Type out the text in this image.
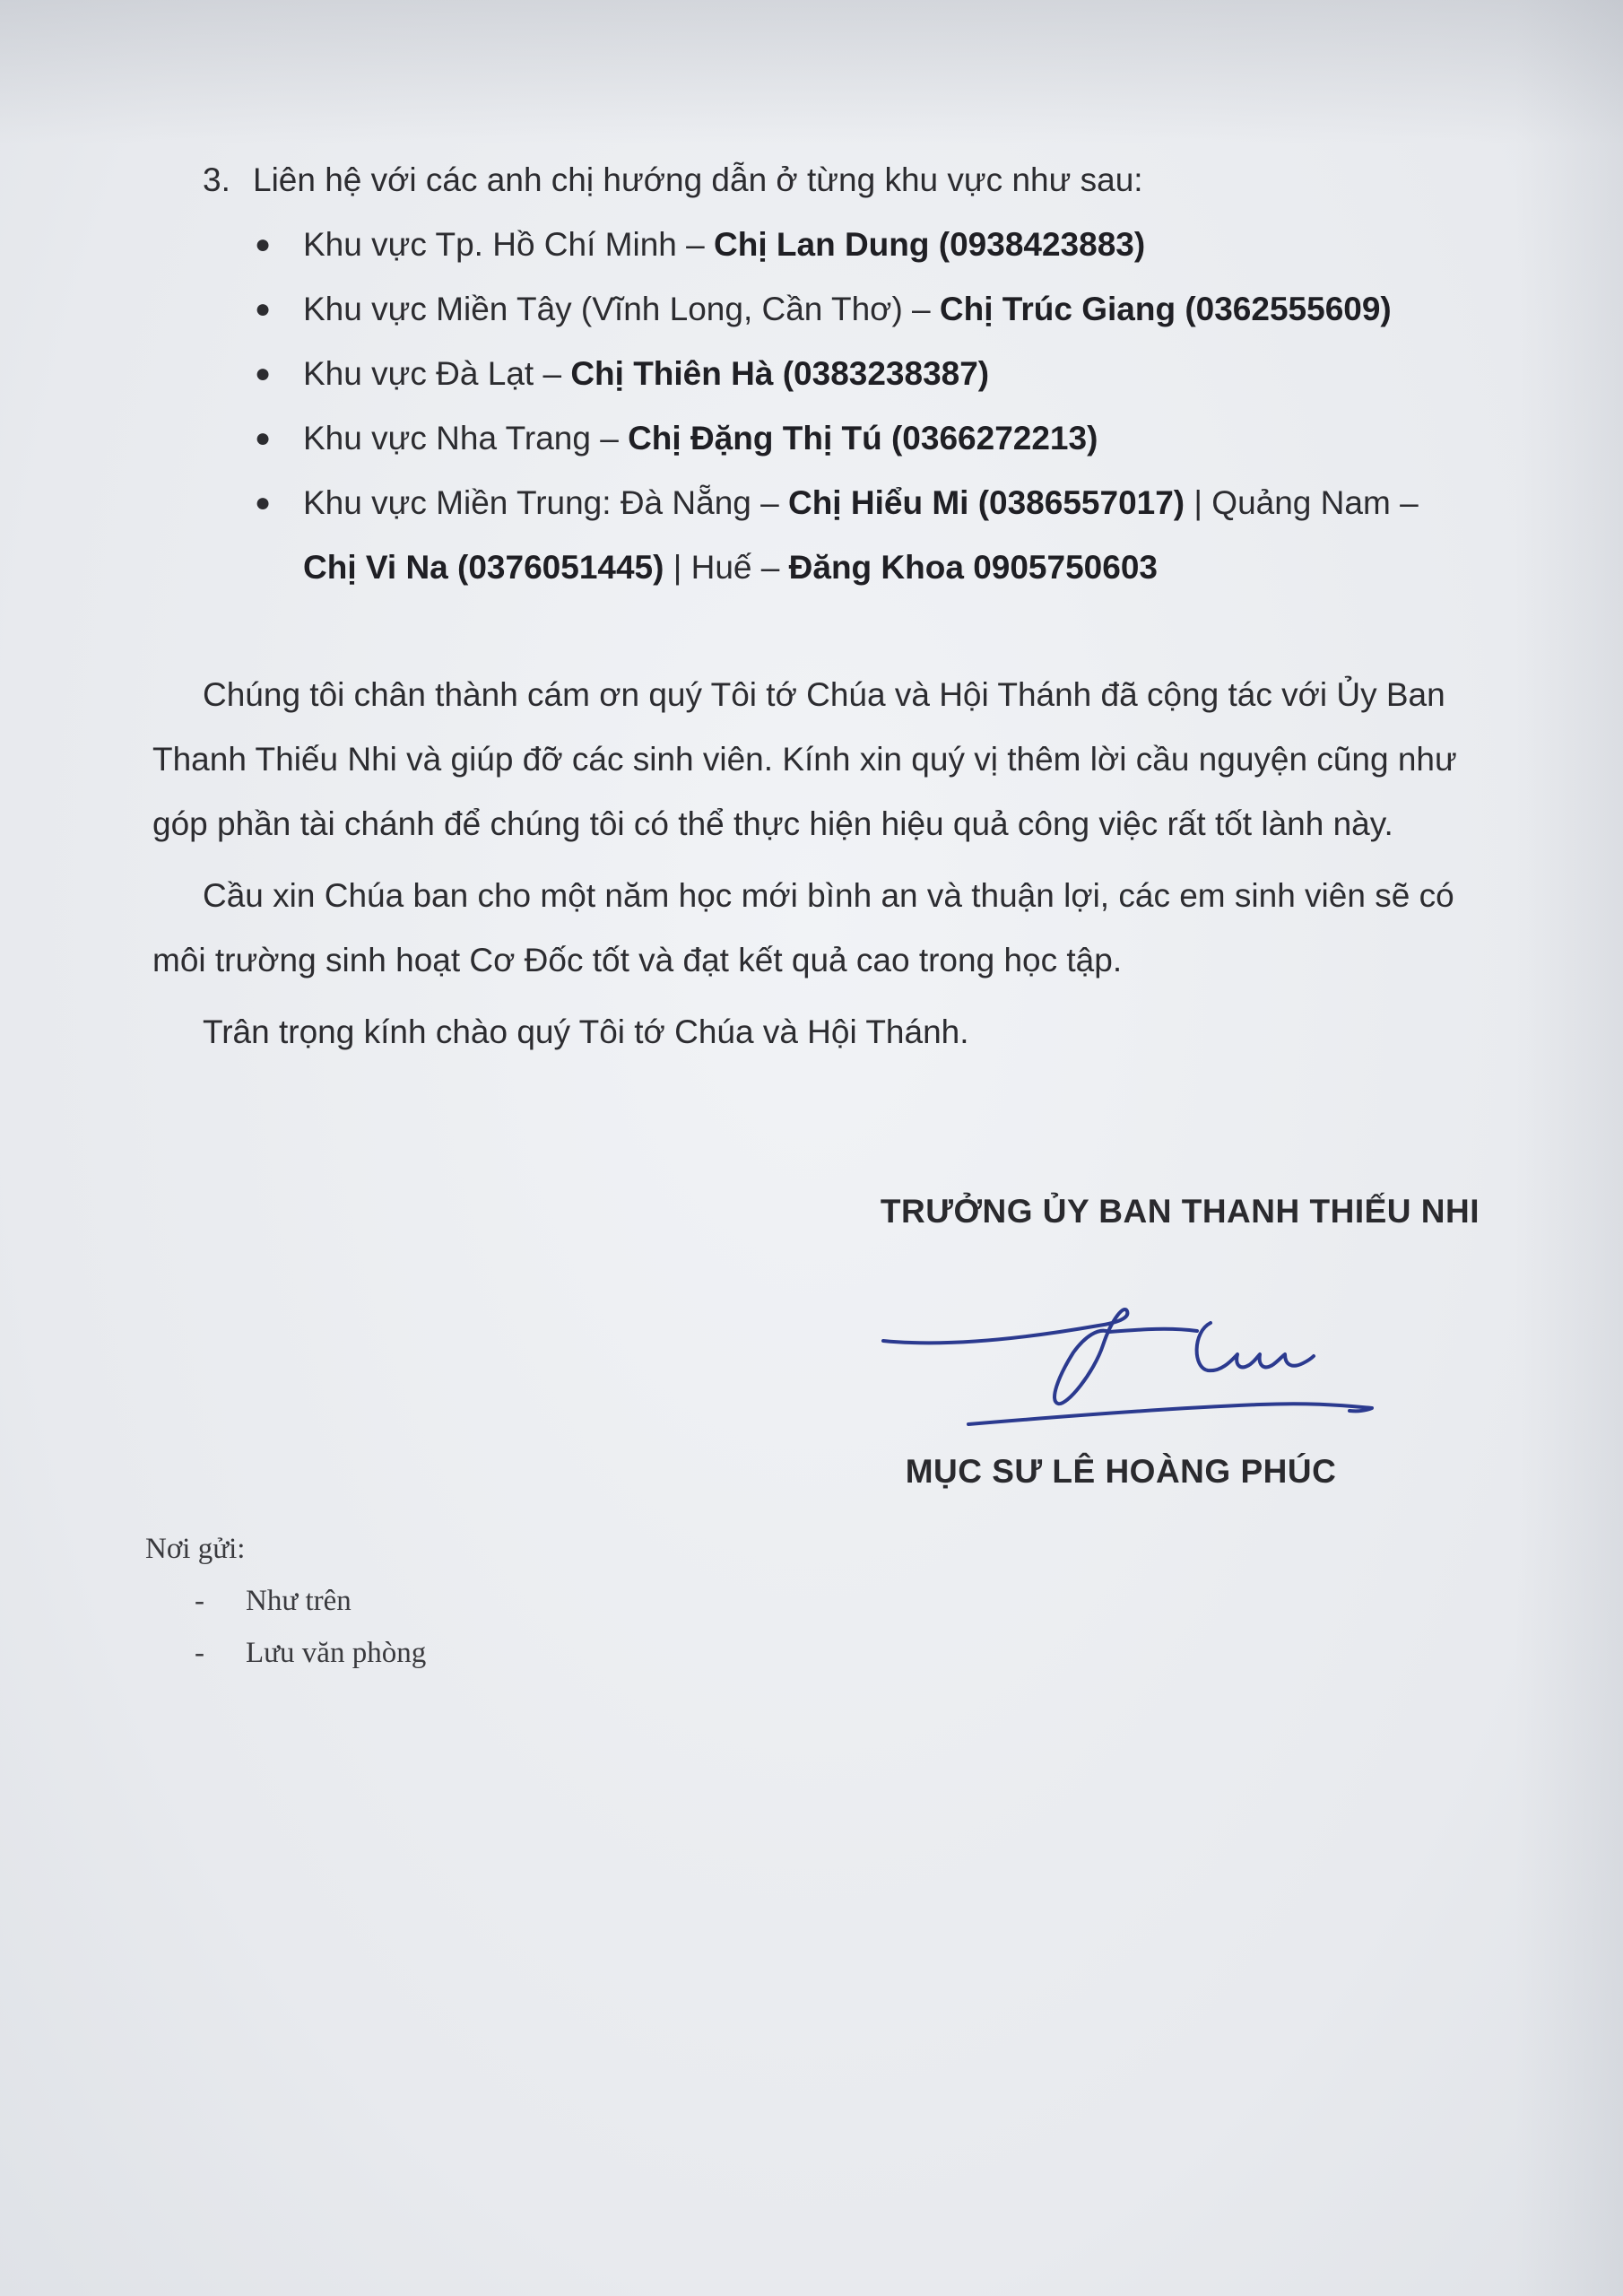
3. Liên hệ với các anh chị hướng dẫn ở từng khu vực như sau:
● Khu vực Tp. Hồ Chí Minh – Chị Lan Dung (0938423883)
● Khu vực Miền Tây (Vĩnh Long, Cần Thơ) – Chị Trúc Giang (0362555609)
● Khu vực Đà Lạt – Chị Thiên Hà (0383238387)
● Khu vực Nha Trang – Chị Đặng Thị Tú (0366272213)
● Khu vực Miền Trung: Đà Nẵng – Chị Hiểu Mi (0386557017) | Quảng Nam –
Chị Vi Na (0376051445) | Huế – Đăng Khoa 0905750603

Chúng tôi chân thành cám ơn quý Tôi tớ Chúa và Hội Thánh đã cộng tác với Ủy Ban Thanh Thiếu Nhi và giúp đỡ các sinh viên. Kính xin quý vị thêm lời cầu nguyện cũng như góp phần tài chánh để chúng tôi có thể thực hiện hiệu quả công việc rất tốt lành này.

Cầu xin Chúa ban cho một năm học mới bình an và thuận lợi, các em sinh viên sẽ có môi trường sinh hoạt Cơ Đốc tốt và đạt kết quả cao trong học tập.

Trân trọng kính chào quý Tôi tớ Chúa và Hội Thánh.

TRƯỞNG ỦY BAN THANH THIẾU NHI
MỤC SƯ LÊ HOÀNG PHÚC
Nơi gửi:
- Như trên
- Lưu văn phòng
